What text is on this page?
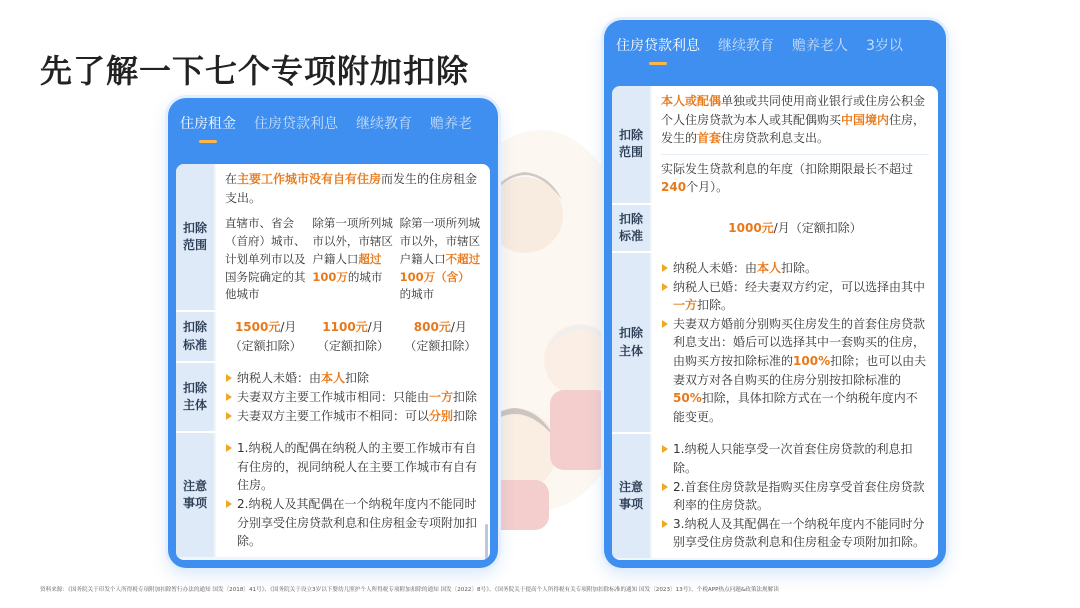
先了解一下七个专项附加扣除
住房租金 住房贷款利息 继续教育 赡养老
扣除范围
在主要工作城市没有自有住房而发生的住房租金支出。
直辖市、省会（首府）城市、计划单列市以及国务院确定的其他城市
除第一项所列城市以外，市辖区户籍人口超过100万的城市
除第一项所列城市以外，市辖区户籍人口不超过100万（含）的城市
扣除标准
1500元/月
（定额扣除）
1100元/月
（定额扣除）
800元/月
（定额扣除）
扣除主体
纳税人未婚：由本人扣除
夫妻双方主要工作城市相同：只能由一方扣除
夫妻双方主要工作城市不相同：可以分别扣除
注意事项
1.纳税人的配偶在纳税人的主要工作城市有自有住房的，视同纳税人在主要工作城市有自有住房。
2.纳税人及其配偶在一个纳税年度内不能同时分别享受住房贷款利息和住房租金专项附加扣除。
住房贷款利息 继续教育 赡养老人 3岁以
扣除范围
本人或配偶单独或共同使用商业银行或住房公积金个人住房贷款为本人或其配偶购买中国境内住房，发生的首套住房贷款利息支出。
实际发生贷款利息的年度（扣除期限最长不超过240个月）。
扣除标准
1000元/月（定额扣除）
扣除主体
纳税人未婚：由本人扣除。
纳税人已婚：经夫妻双方约定，可以选择由其中一方扣除。
夫妻双方婚前分别购买住房发生的首套住房贷款利息支出：婚后可以选择其中一套购买的住房，由购买方按扣除标准的100%扣除；也可以由夫妻双方对各自购买的住房分别按扣除标准的50%扣除，具体扣除方式在一个纳税年度内不能变更。
注意事项
1.纳税人只能享受一次首套住房贷款的利息扣除。
2.首套住房贷款是指购买住房享受首套住房贷款利率的住房贷款。
3.纳税人及其配偶在一个纳税年度内不能同时分别享受住房贷款利息和住房租金专项附加扣除。
资料来源：《国务院关于印发个人所得税专项附加扣除暂行办法的通知 国发〔2018〕41号》、《国务院关于设立3岁以下婴幼儿照护个人所得税专项附加扣除的通知 国发〔2022〕8号》、《国务院关于提高个人所得税有关专项附加扣除标准的通知 国发〔2023〕13号》、个税APP热点问题&政策法规解读
